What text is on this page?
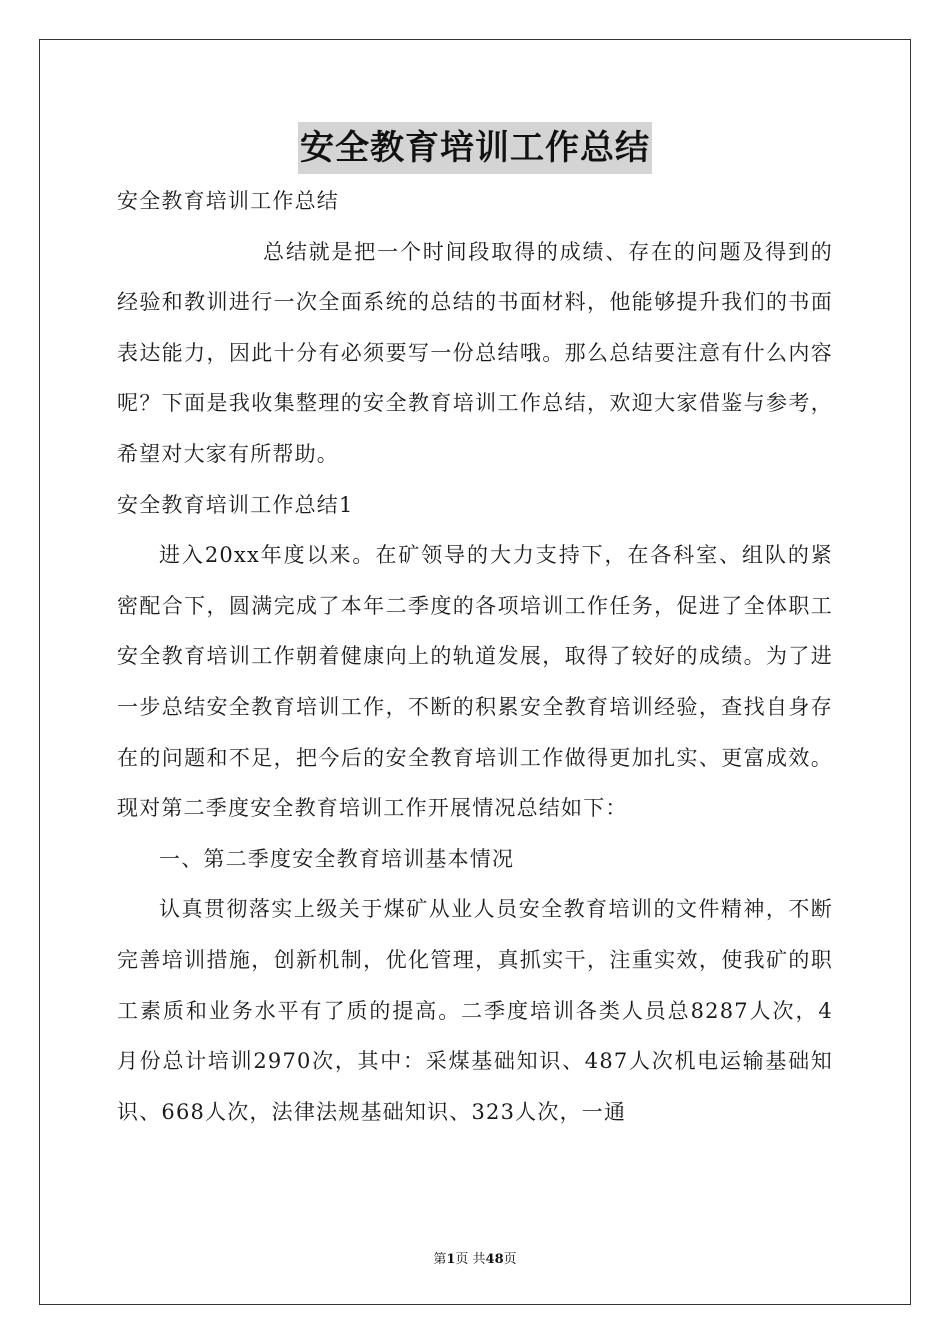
安全教育培训工作总结

安全教育培训工作总结

总结就是把一个时间段取得的成绩、存在的问题及得到的经验和教训进行一次全面系统的总结的书面材料，他能够提升我们的书面表达能力，因此十分有必须要写一份总结哦。那么总结要注意有什么内容呢？下面是我收集整理的安全教育培训工作总结，欢迎大家借鉴与参考，希望对大家有所帮助。

安全教育培训工作总结1

进入20xx年度以来。在矿领导的大力支持下，在各科室、组队的紧密配合下，圆满完成了本年二季度的各项培训工作任务，促进了全体职工安全教育培训工作朝着健康向上的轨道发展，取得了较好的成绩。为了进一步总结安全教育培训工作，不断的积累安全教育培训经验，查找自身存在的问题和不足，把今后的安全教育培训工作做得更加扎实、更富成效。现对第二季度安全教育培训工作开展情况总结如下：

一、第二季度安全教育培训基本情况

认真贯彻落实上级关于煤矿从业人员安全教育培训的文件精神，不断完善培训措施，创新机制，优化管理，真抓实干，注重实效，使我矿的职工素质和业务水平有了质的提高。二季度培训各类人员总8287人次，4月份总计培训2970次，其中：采煤基础知识、487人次机电运输基础知识、668人次，法律法规基础知识、323人次，一通

第1页 共48页
